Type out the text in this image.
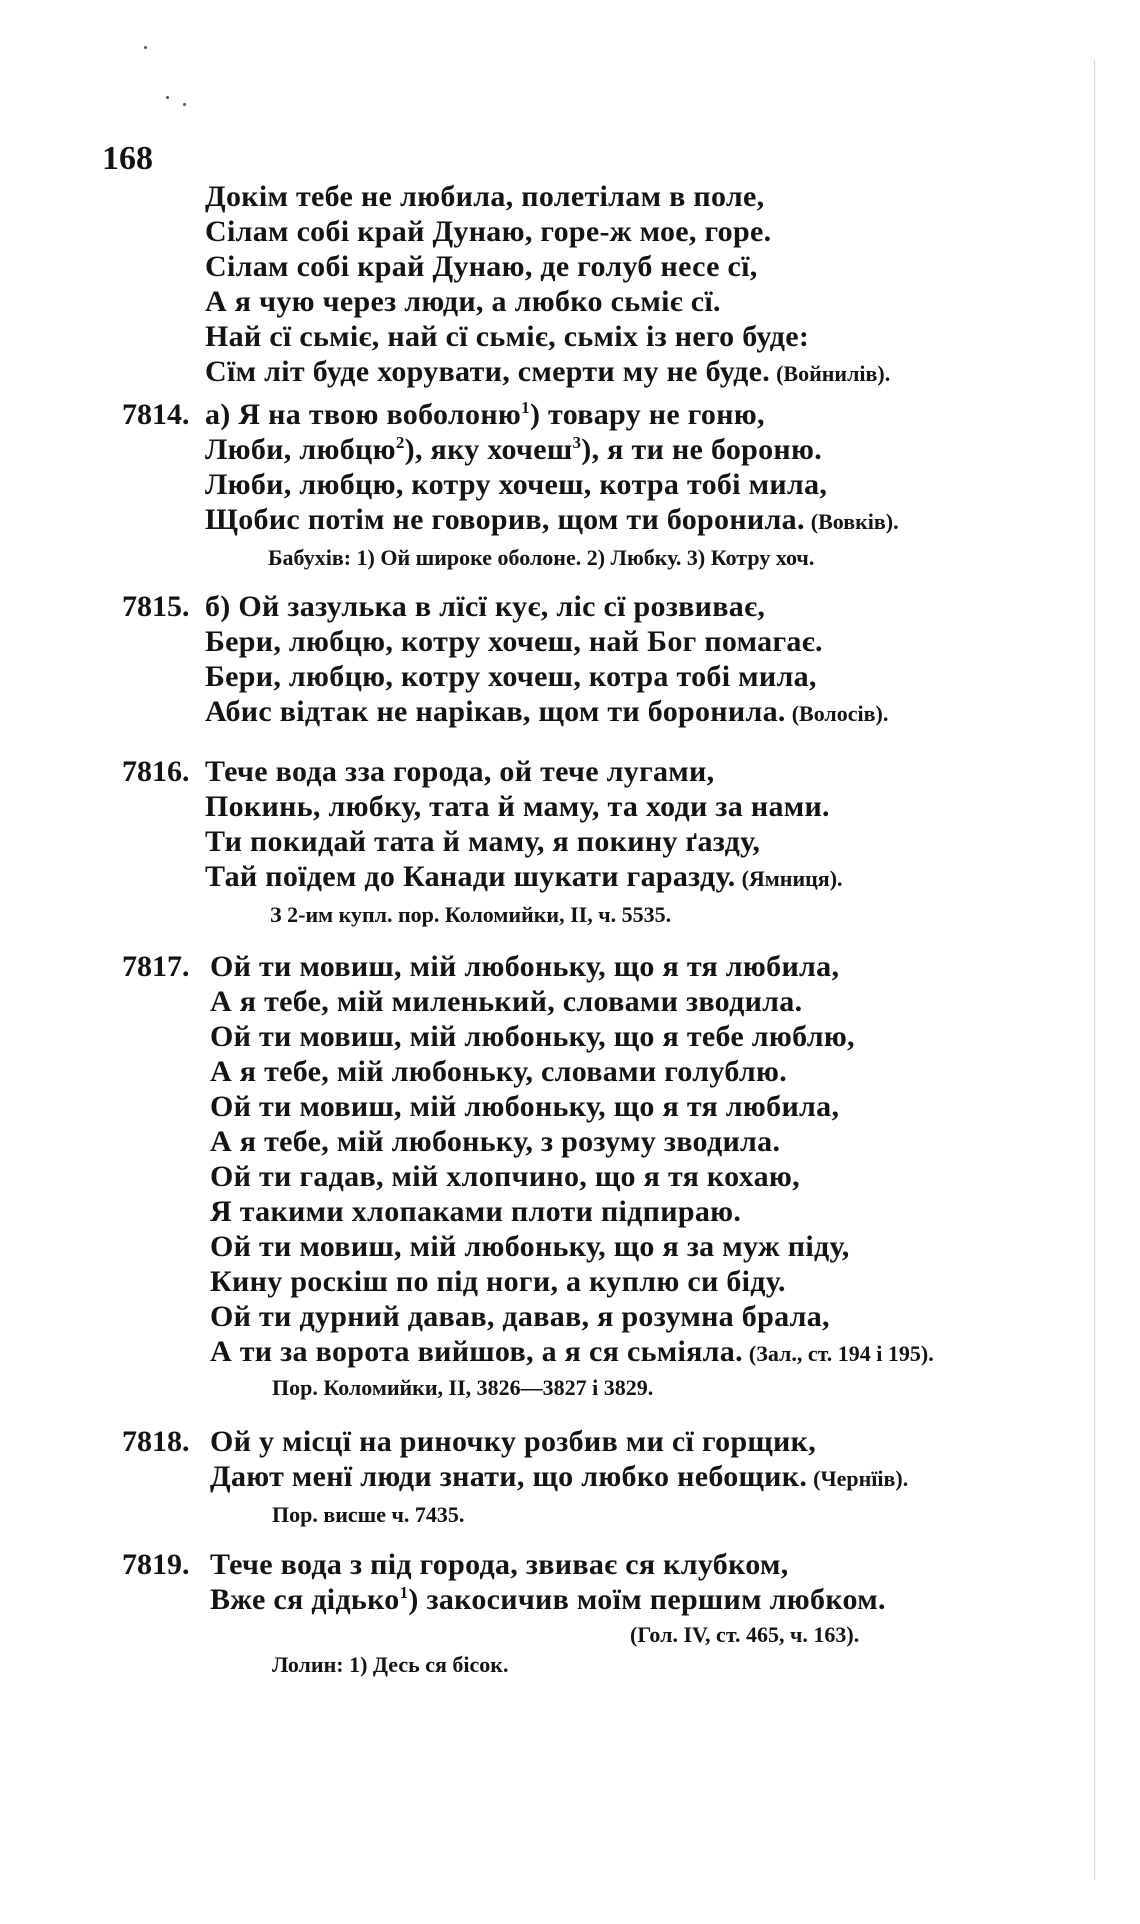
168
Докім тебе не любила, полетілам в поле,
Сілам собі край Дунаю, горе-ж мое, горе.
Сілам собі край Дунаю, де голуб несе сї,
А я чую через люди, а любко сьміє сї.
Най сї сьміє, най сї сьміє, сьміх із него буде:
Сїм літ буде хорувати, смерти му не буде. (Войнилів).
7814. а) Я на твою воболоню$^1$) товару не гоню,
Люби, любцю$^2$), яку хочеш$^3$), я ти не бороню.
Люби, любцю, котру хочеш, котра тобі мила,
Щобис потім не говорив, щом ти боронила. (Вовків).
Бабухів: 1) Ой широке оболоне. 2) Любку. 3) Котру хоч.
7815. б) Ой зазулька в лїсї кує, ліс сї розвиває,
Бери, любцю, котру хочеш, най Бог помагає.
Бери, любцю, котру хочеш, котра тобі мила,
Абис відтак не нарікав, щом ти боронила. (Волосів).
7816. Тече вода зза города, ой тече лугами,
Покинь, любку, тата й маму, та ходи за нами.
Ти покидай тата й маму, я покину ґазду,
Тай поїдем до Канади шукати гаразду. (Ямниця).
З 2-им купл. пор. Коломийки, II, ч. 5535.
7817. Ой ти мовиш, мій любоньку, що я тя любила,
А я тебе, мій миленький, словами зводила.
Ой ти мовиш, мій любоньку, що я тебе люблю,
А я тебе, мій любоньку, словами голублю.
Ой ти мовиш, мій любоньку, що я тя любила,
А я тебе, мій любоньку, з розуму зводила.
Ой ти гадав, мій хлопчино, що я тя кохаю,
Я такими хлопаками плоти підпираю.
Ой ти мовиш, мій любоньку, що я за муж піду,
Кину роскіш по під ноги, а куплю си біду.
Ой ти дурний давав, давав, я розумна брала,
А ти за ворота вийшов, а я ся сьміяла. (Зал., ст. 194 і 195).
Пор. Коломийки, II, 3826—3827 і 3829.
7818. Ой у місцї на риночку розбив ми сї горщик,
Дают менї люди знати, що любко небощик. (Чернїів).
Пор. висше ч. 7435.
7819. Тече вода з під города, звиває ся клубком,
Вже ся дідько$^1$) закосичив моїм першим любком.
(Гол. IV, ст. 465, ч. 163).
Лолин: 1) Десь ся бісок.
